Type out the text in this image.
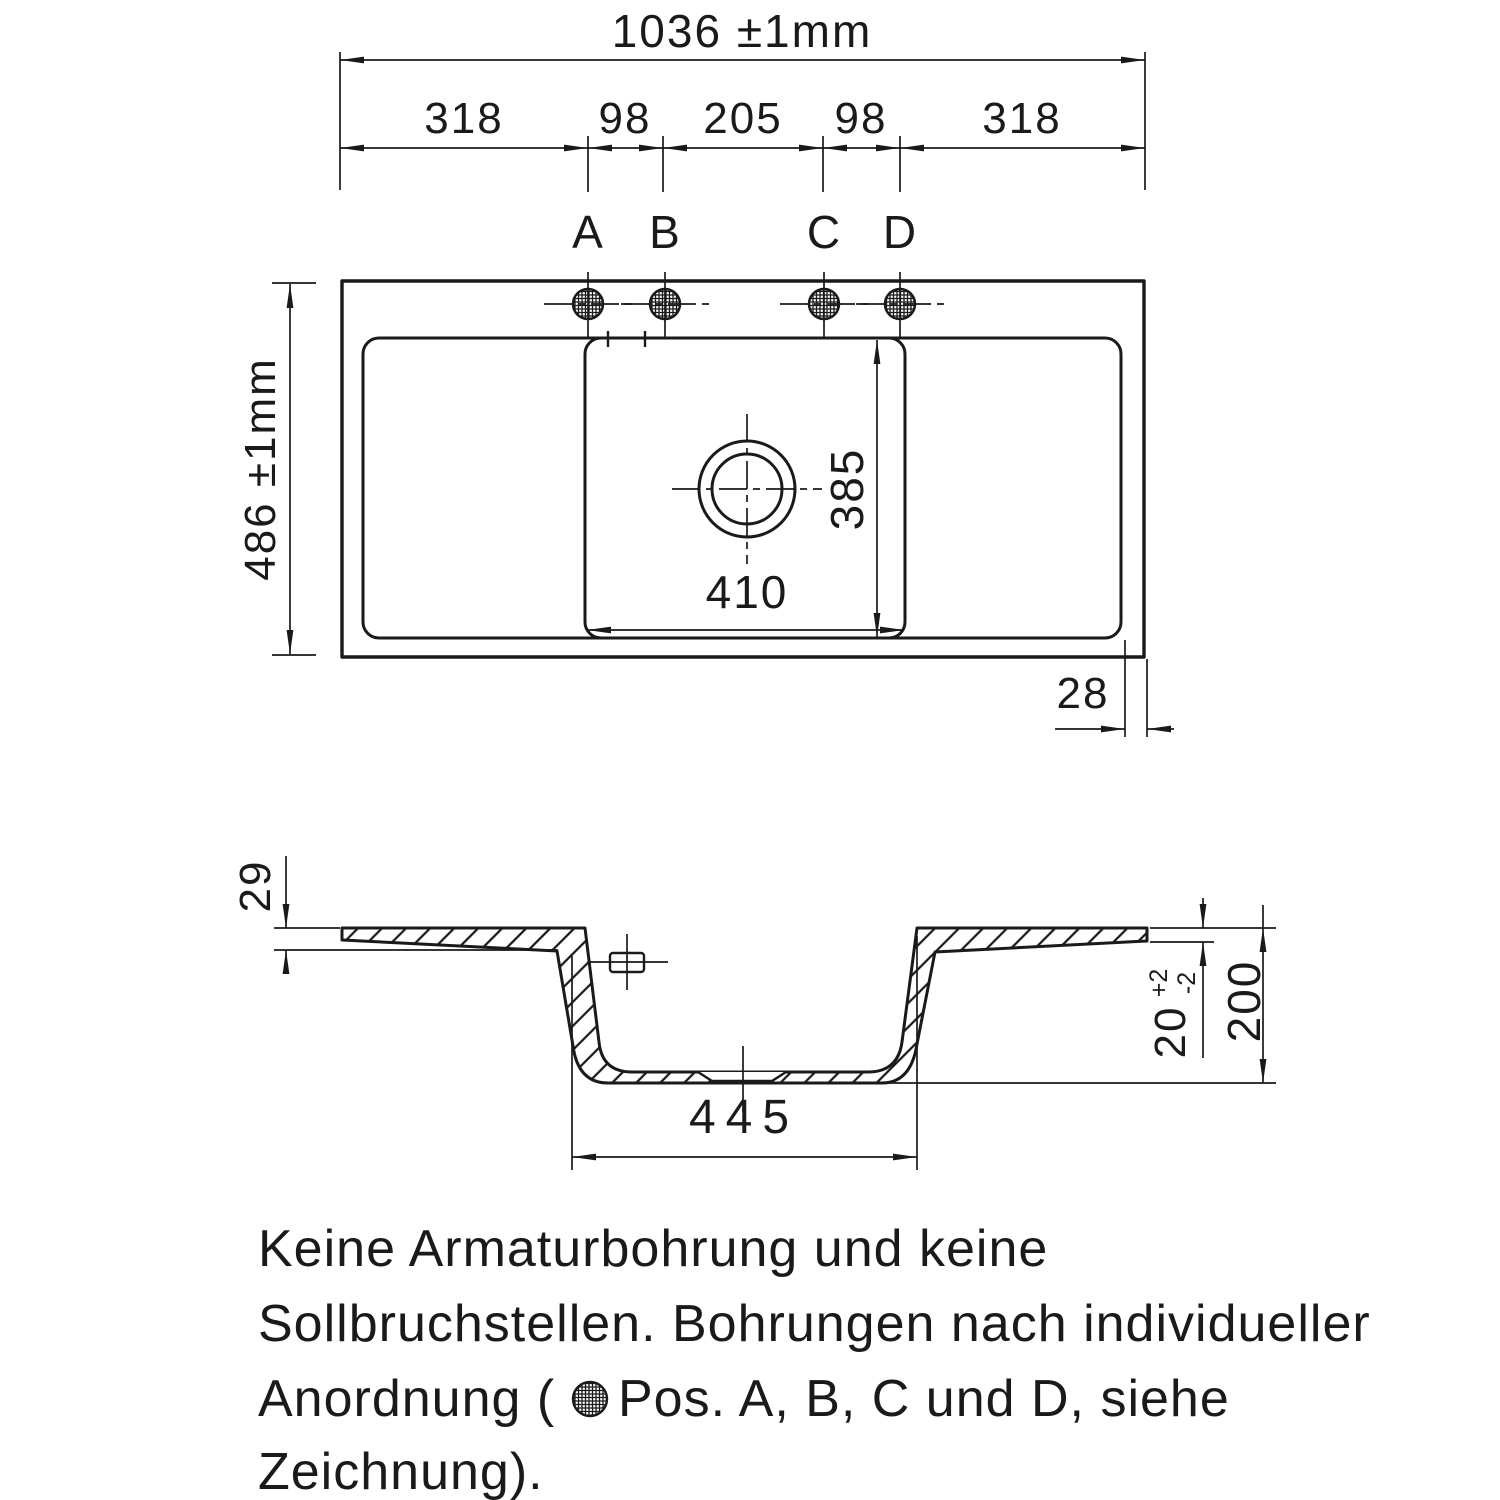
1036 ±1mm
318 98 205 98 318
A B	C D
385
410
486 ±1mm
28
29
20
+2 -2 200
445
Keine Armaturbohrung und keine
Sollbruchstellen. Bohrungen nach individueller
Anordnung ( Pos. A, B, C und D, siehe
Zeichnung).
